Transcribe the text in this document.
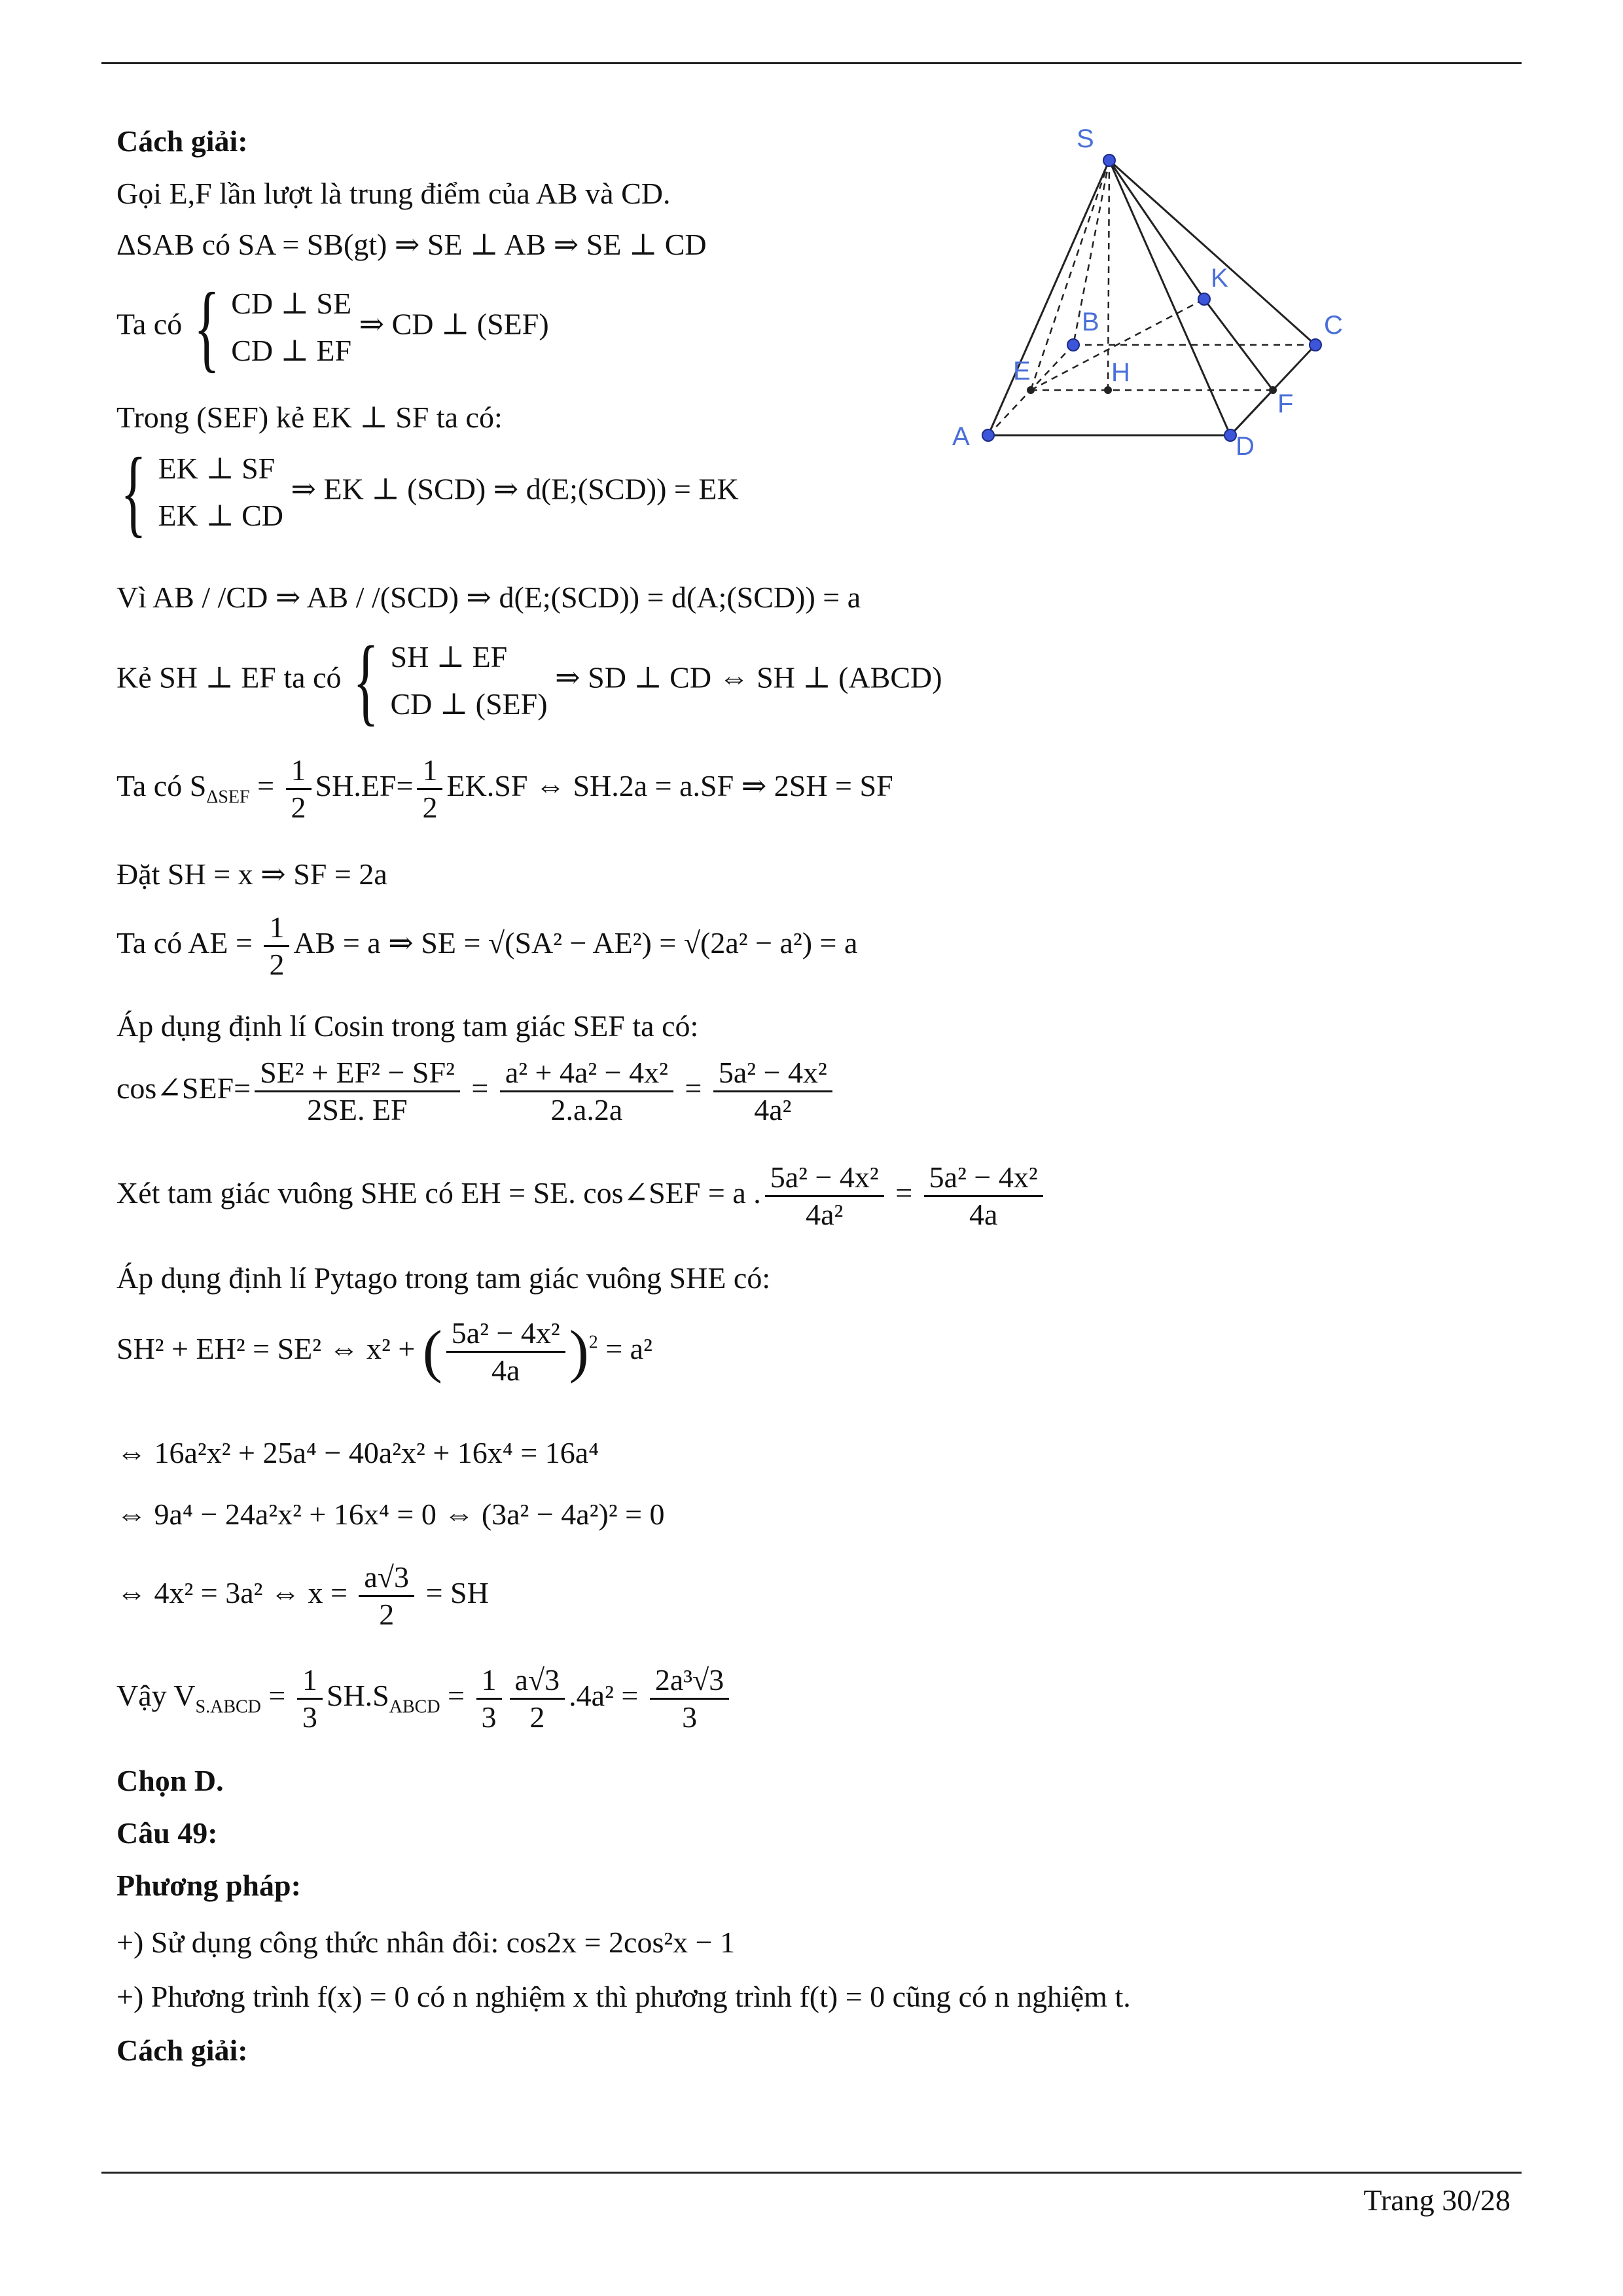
S
A
B	C
D
E
F
H
K
Cách giải:
Gọi E,F lần lượt là trung điểm của AB và CD.
ΔSAB có SA = SB(gt) ⇒ SE ⊥ AB ⇒ SE ⊥ CD
Ta có { CD ⊥ SE
CD ⊥ EF
⇒ CD ⊥ (SEF)
Trong (SEF) kẻ EK ⊥ SF ta có:
{ EK ⊥ SF
EK ⊥ CD
⇒ EK ⊥ (SCD) ⇒ d(E;(SCD)) = EK
Vì AB / /CD ⇒ AB / /(SCD) ⇒ d(E;(SCD)) = d(A;(SCD)) = a
Kẻ SH ⊥ EF ta có { SH ⊥ EF
CD ⊥ (SEF)
⇒ SD ⊥ CD ⇔ SH ⊥ (ABCD)
Ta có $S_{\Delta SEF} = \frac{1}{2} SH.EF= \frac{1}{2} EK.SF$ ⇔ SH.2a = a.SF ⇒ 2SH = SF
Đặt SH = x ⇒ SF = 2a
Ta có AE = $\frac{1}{2}$ AB = a ⇒ SE = √(SA² − AE²) = √(2a² − a²) = a
Áp dụng định lí Cosin trong tam giác SEF ta có:
cos∠SEF= $\frac{\text{SE² + EF² − SF²}}{2SE. EF} = \frac{\text{a² + 4a² − 4x²}}{2.a.2a} = \frac{\text{5a² − 4x²}}{\text{4a²}}$
Xét tam giác vuông SHE có EH = SE. cos∠SEF = a . $\frac{\text{5a² − 4x²}}{\text{4a²}} = \frac{\text{5a² − 4x²}}{4a}$
Áp dụng định lí Pytago trong tam giác vuông SHE có:
SH² + EH² = SE² ⇔ x² + ( $\frac{\text{5a² − 4x²}}{4a} )^2 = a^2$
⇔ 16a²x² + 25a⁴ − 40a²x² + 16x⁴ = 16a⁴
⇔ 9a⁴ − 24a²x² + 16x⁴ = 0 ⇔ (3a² − 4a²)² = 0
⇔ 4x² = 3a² ⇔ $x = \frac{a√3}{2}$ = SH
Vậy $V_{S.ABCD} = \frac{1}{3} SH.S_{ABCD} = \frac{1}{3} \frac{a√3}{2} .4a^2 = \frac{\text{2a³√3}}{3}$
Chọn D.
Câu 49:
Phương pháp:
+) Sử dụng công thức nhân đôi: cos2x = 2cos²x − 1
+) Phương trình f(x) = 0 có n nghiệm x thì phương trình f(t) = 0 cũng có n nghiệm t.
Cách giải:
Trang 30/28
